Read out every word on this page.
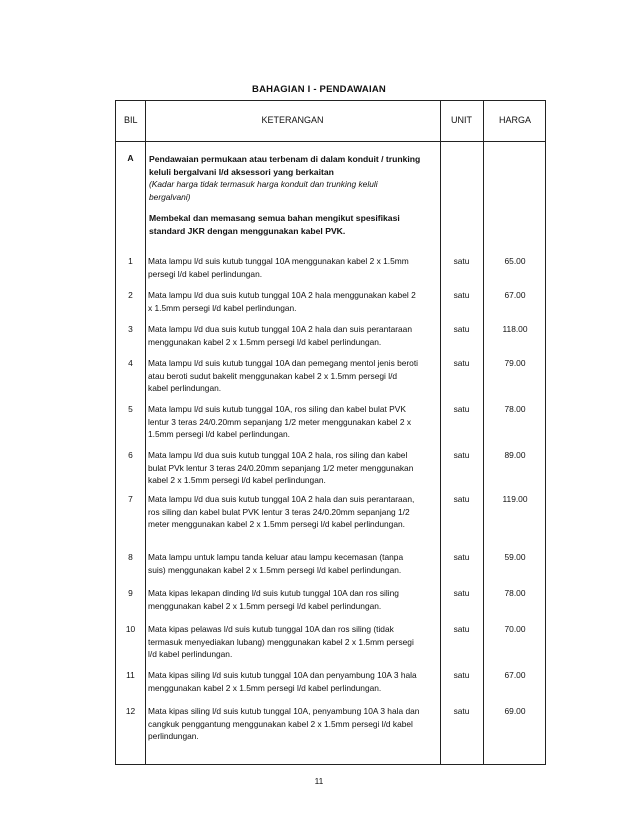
BAHAGIAN I - PENDAWAIAN
BIL	KETERANGAN	UNIT	HARGA
A	Pendawaian permukaan atau terbenam di dalam konduit / trunking
keluli bergalvani l/d aksessori yang berkaitan
(Kadar harga tidak termasuk harga konduit dan trunking keluli
bergalvani)
Membekal dan memasang semua bahan mengikut spesifikasi
standard JKR dengan menggunakan kabel PVK.
1	Mata lampu l/d suis kutub tunggal 10A menggunakan kabel 2 x 1.5mm
persegi l/d kabel perlindungan.
satu	65.00
2	Mata lampu l/d dua suis kutub tunggal 10A 2 hala menggunakan kabel 2
x 1.5mm persegi l/d kabel perlindungan.
satu	67.00
3	Mata lampu l/d dua suis kutub tunggal 10A 2 hala dan suis perantaraan
menggunakan kabel 2 x 1.5mm persegi l/d kabel perlindungan.
satu	118.00
4	Mata lampu l/d suis kutub tunggal 10A dan pemegang mentol jenis beroti
atau beroti sudut bakelit menggunakan kabel 2 x 1.5mm persegi l/d
kabel perlindungan.
satu	79.00
5	Mata lampu l/d suis kutub tunggal 10A, ros siling dan kabel bulat PVK
lentur 3 teras 24/0.20mm sepanjang 1/2 meter menggunakan kabel 2 x
1.5mm persegi l/d kabel perlindungan.
satu	78.00
6	Mata lampu l/d dua suis kutub tunggal 10A 2 hala, ros siling dan kabel
bulat PVk lentur 3 teras 24/0.20mm sepanjang 1/2 meter menggunakan
kabel 2 x 1.5mm persegi l/d kabel perlindungan.
satu	89.00
7	Mata lampu l/d dua suis kutub tunggal 10A 2 hala dan suis perantaraan,
ros siling dan kabel bulat PVK lentur 3 teras 24/0.20mm sepanjang 1/2
meter menggunakan kabel 2 x 1.5mm persegi l/d kabel perlindungan.
satu	119.00
8	Mata lampu untuk lampu tanda keluar atau lampu kecemasan (tanpa
suis) menggunakan kabel 2 x 1.5mm persegi l/d kabel perlindungan.
satu	59.00
9	Mata kipas lekapan dinding l/d suis kutub tunggal 10A dan ros siling
menggunakan kabel 2 x 1.5mm persegi l/d kabel perlindungan.
satu	78.00
10	Mata kipas pelawas l/d suis kutub tunggal 10A dan ros siling (tidak
termasuk menyediakan lubang) menggunakan kabel 2 x 1.5mm persegi
l/d kabel perlindungan.
satu	70.00
11	Mata kipas siling l/d suis kutub tunggal 10A dan penyambung 10A 3 hala
menggunakan kabel 2 x 1.5mm persegi l/d kabel perlindungan.
satu	67.00
12	Mata kipas siling l/d suis kutub tunggal 10A, penyambung 10A 3 hala dan
cangkuk penggantung menggunakan kabel 2 x 1.5mm persegi l/d kabel
perlindungan.
satu	69.00
11
